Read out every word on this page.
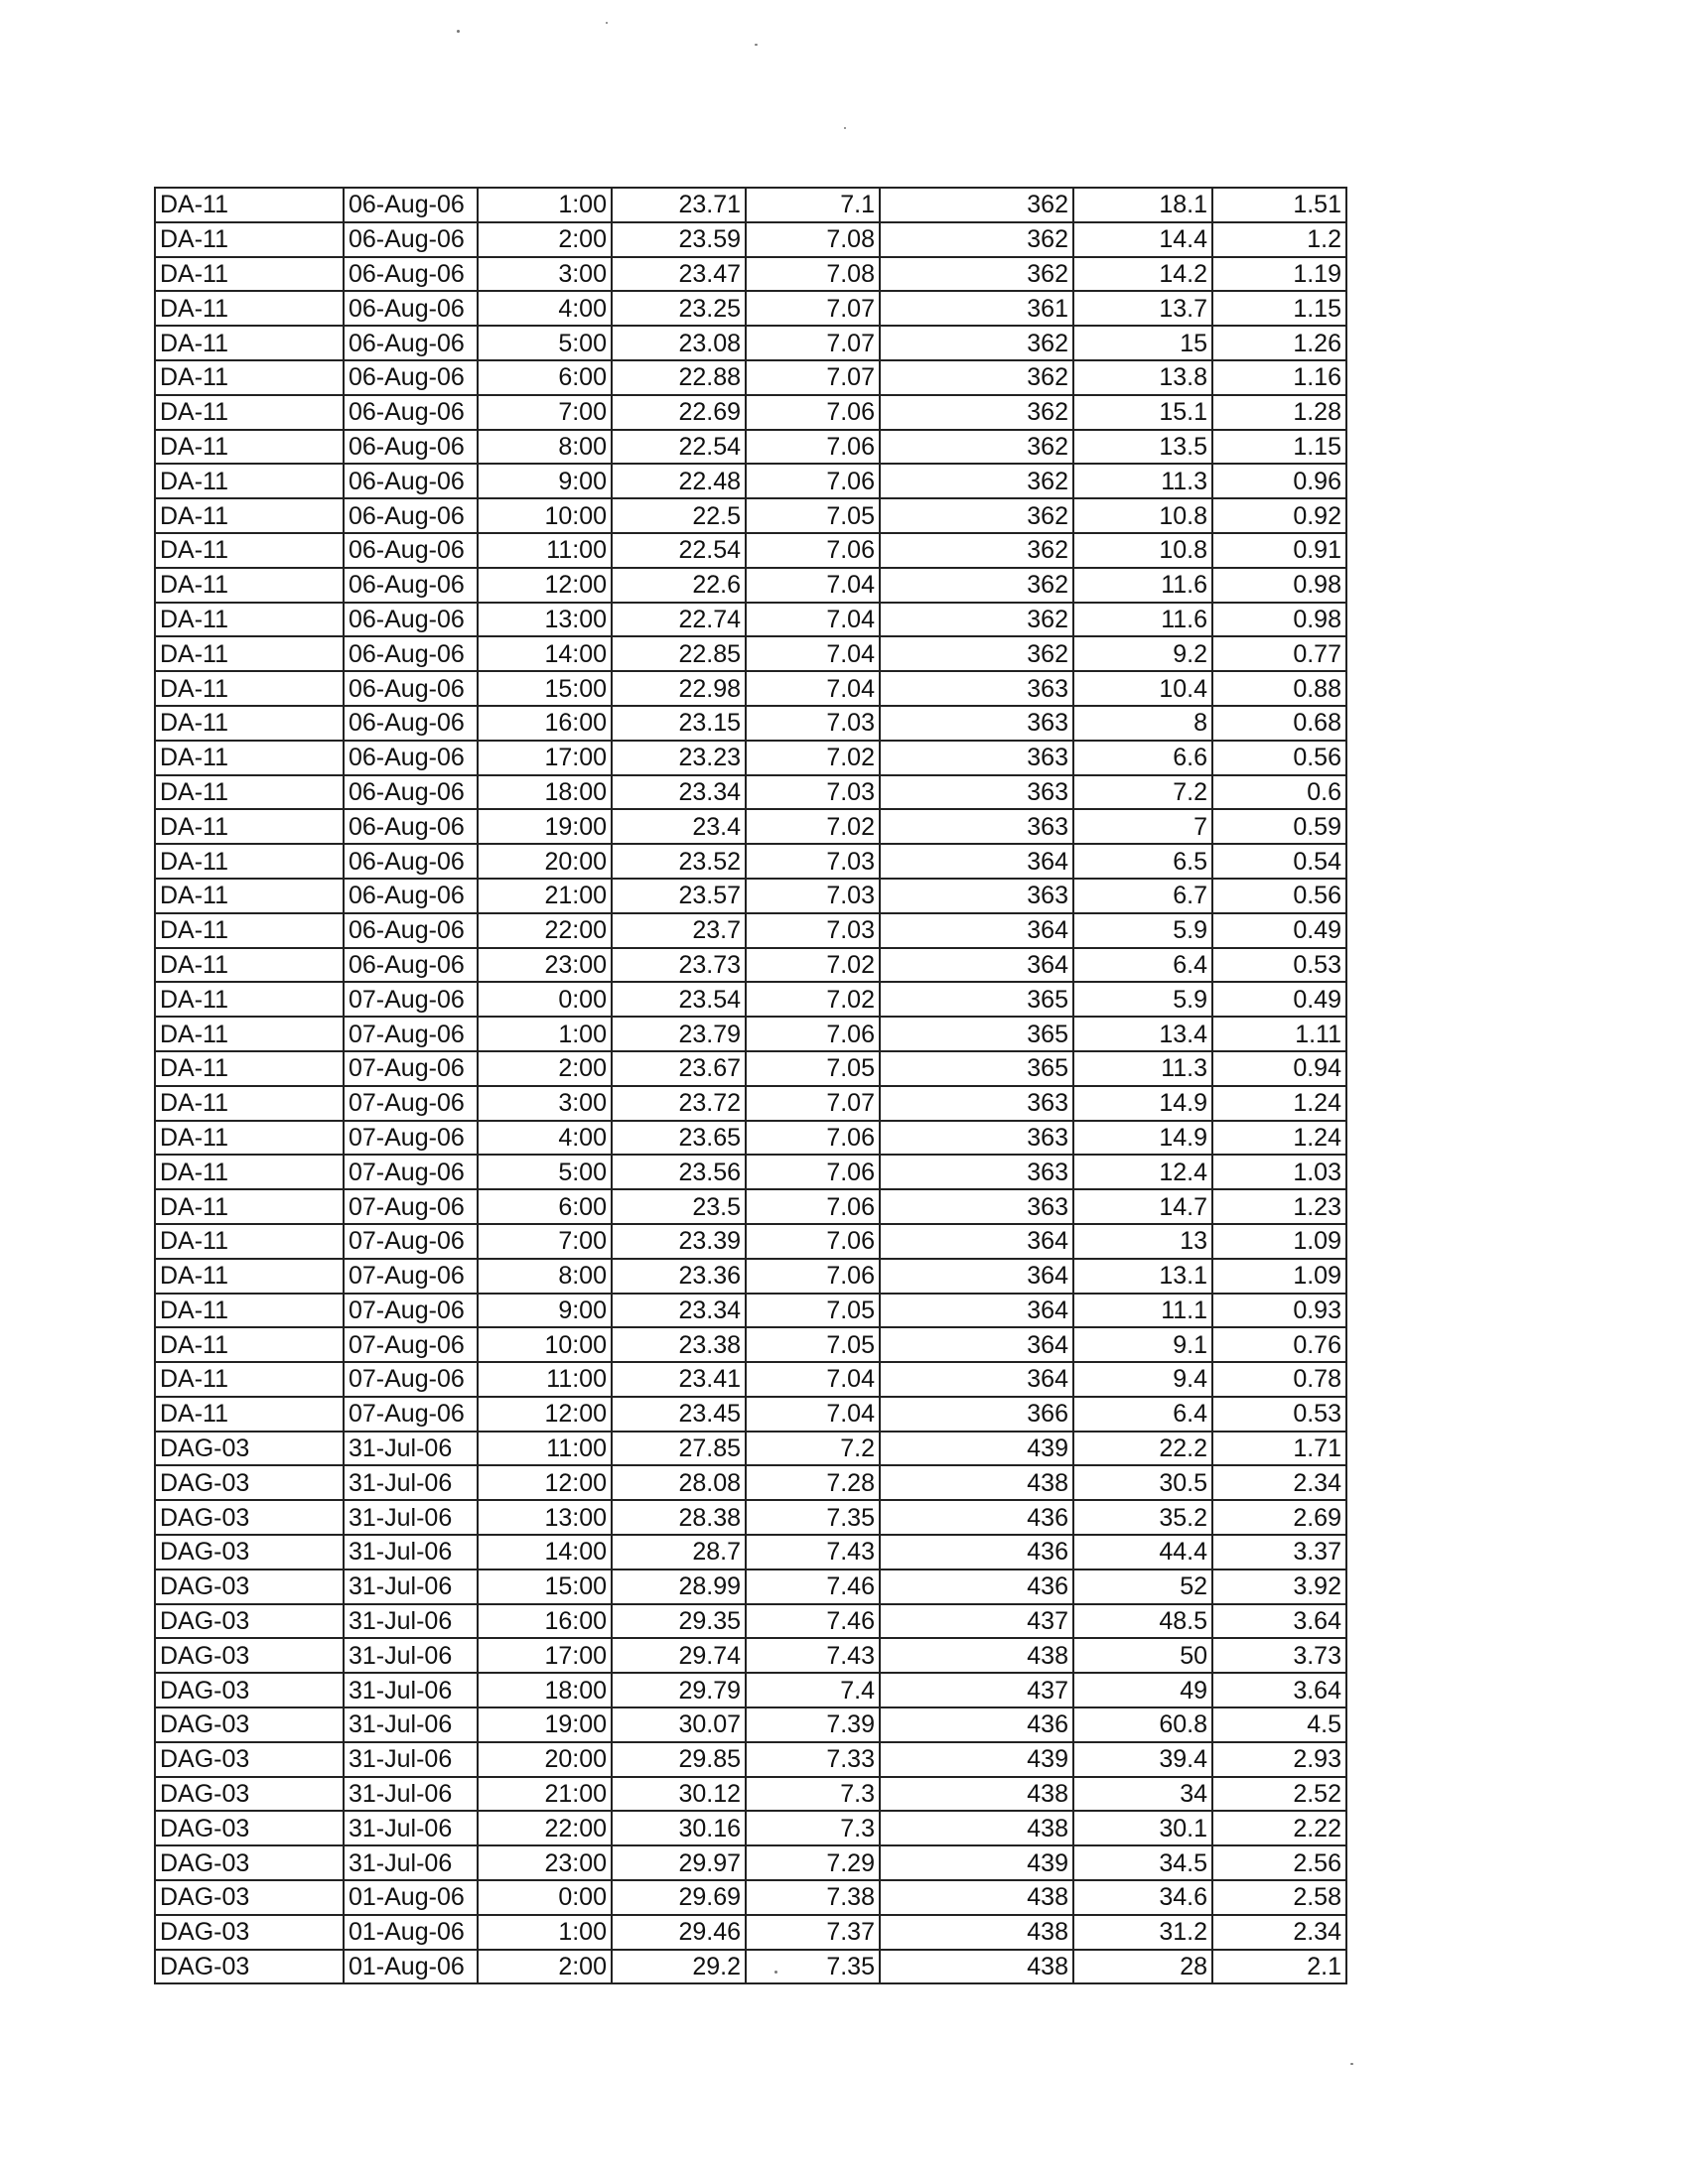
DA-11	06-Aug-06	1:00	23.71	7.1	362	18.1	1.51
DA-11	06-Aug-06	2:00	23.59	7.08	362	14.4	1.2
DA-11	06-Aug-06	3:00	23.47	7.08	362	14.2	1.19
DA-11	06-Aug-06	4:00	23.25	7.07	361	13.7	1.15
DA-11	06-Aug-06	5:00	23.08	7.07	362	15	1.26
DA-11	06-Aug-06	6:00	22.88	7.07	362	13.8	1.16
DA-11	06-Aug-06	7:00	22.69	7.06	362	15.1	1.28
DA-11	06-Aug-06	8:00	22.54	7.06	362	13.5	1.15
DA-11	06-Aug-06	9:00	22.48	7.06	362	11.3	0.96
DA-11	06-Aug-06	10:00	22.5	7.05	362	10.8	0.92
DA-11	06-Aug-06	11:00	22.54	7.06	362	10.8	0.91
DA-11	06-Aug-06	12:00	22.6	7.04	362	11.6	0.98
DA-11	06-Aug-06	13:00	22.74	7.04	362	11.6	0.98
DA-11	06-Aug-06	14:00	22.85	7.04	362	9.2	0.77
DA-11	06-Aug-06	15:00	22.98	7.04	363	10.4	0.88
DA-11	06-Aug-06	16:00	23.15	7.03	363	8	0.68
DA-11	06-Aug-06	17:00	23.23	7.02	363	6.6	0.56
DA-11	06-Aug-06	18:00	23.34	7.03	363	7.2	0.6
DA-11	06-Aug-06	19:00	23.4	7.02	363	7	0.59
DA-11	06-Aug-06	20:00	23.52	7.03	364	6.5	0.54
DA-11	06-Aug-06	21:00	23.57	7.03	363	6.7	0.56
DA-11	06-Aug-06	22:00	23.7	7.03	364	5.9	0.49
DA-11	06-Aug-06	23:00	23.73	7.02	364	6.4	0.53
DA-11	07-Aug-06	0:00	23.54	7.02	365	5.9	0.49
DA-11	07-Aug-06	1:00	23.79	7.06	365	13.4	1.11
DA-11	07-Aug-06	2:00	23.67	7.05	365	11.3	0.94
DA-11	07-Aug-06	3:00	23.72	7.07	363	14.9	1.24
DA-11	07-Aug-06	4:00	23.65	7.06	363	14.9	1.24
DA-11	07-Aug-06	5:00	23.56	7.06	363	12.4	1.03
DA-11	07-Aug-06	6:00	23.5	7.06	363	14.7	1.23
DA-11	07-Aug-06	7:00	23.39	7.06	364	13	1.09
DA-11	07-Aug-06	8:00	23.36	7.06	364	13.1	1.09
DA-11	07-Aug-06	9:00	23.34	7.05	364	11.1	0.93
DA-11	07-Aug-06	10:00	23.38	7.05	364	9.1	0.76
DA-11	07-Aug-06	11:00	23.41	7.04	364	9.4	0.78
DA-11	07-Aug-06	12:00	23.45	7.04	366	6.4	0.53
DAG-03	31-Jul-06	11:00	27.85	7.2	439	22.2	1.71
DAG-03	31-Jul-06	12:00	28.08	7.28	438	30.5	2.34
DAG-03	31-Jul-06	13:00	28.38	7.35	436	35.2	2.69
DAG-03	31-Jul-06	14:00	28.7	7.43	436	44.4	3.37
DAG-03	31-Jul-06	15:00	28.99	7.46	436	52	3.92
DAG-03	31-Jul-06	16:00	29.35	7.46	437	48.5	3.64
DAG-03	31-Jul-06	17:00	29.74	7.43	438	50	3.73
DAG-03	31-Jul-06	18:00	29.79	7.4	437	49	3.64
DAG-03	31-Jul-06	19:00	30.07	7.39	436	60.8	4.5
DAG-03	31-Jul-06	20:00	29.85	7.33	439	39.4	2.93
DAG-03	31-Jul-06	21:00	30.12	7.3	438	34	2.52
DAG-03	31-Jul-06	22:00	30.16	7.3	438	30.1	2.22
DAG-03	31-Jul-06	23:00	29.97	7.29	439	34.5	2.56
DAG-03	01-Aug-06	0:00	29.69	7.38	438	34.6	2.58
DAG-03	01-Aug-06	1:00	29.46	7.37	438	31.2	2.34
DAG-03	01-Aug-06	2:00	29.2	7.35	438	28	2.1
